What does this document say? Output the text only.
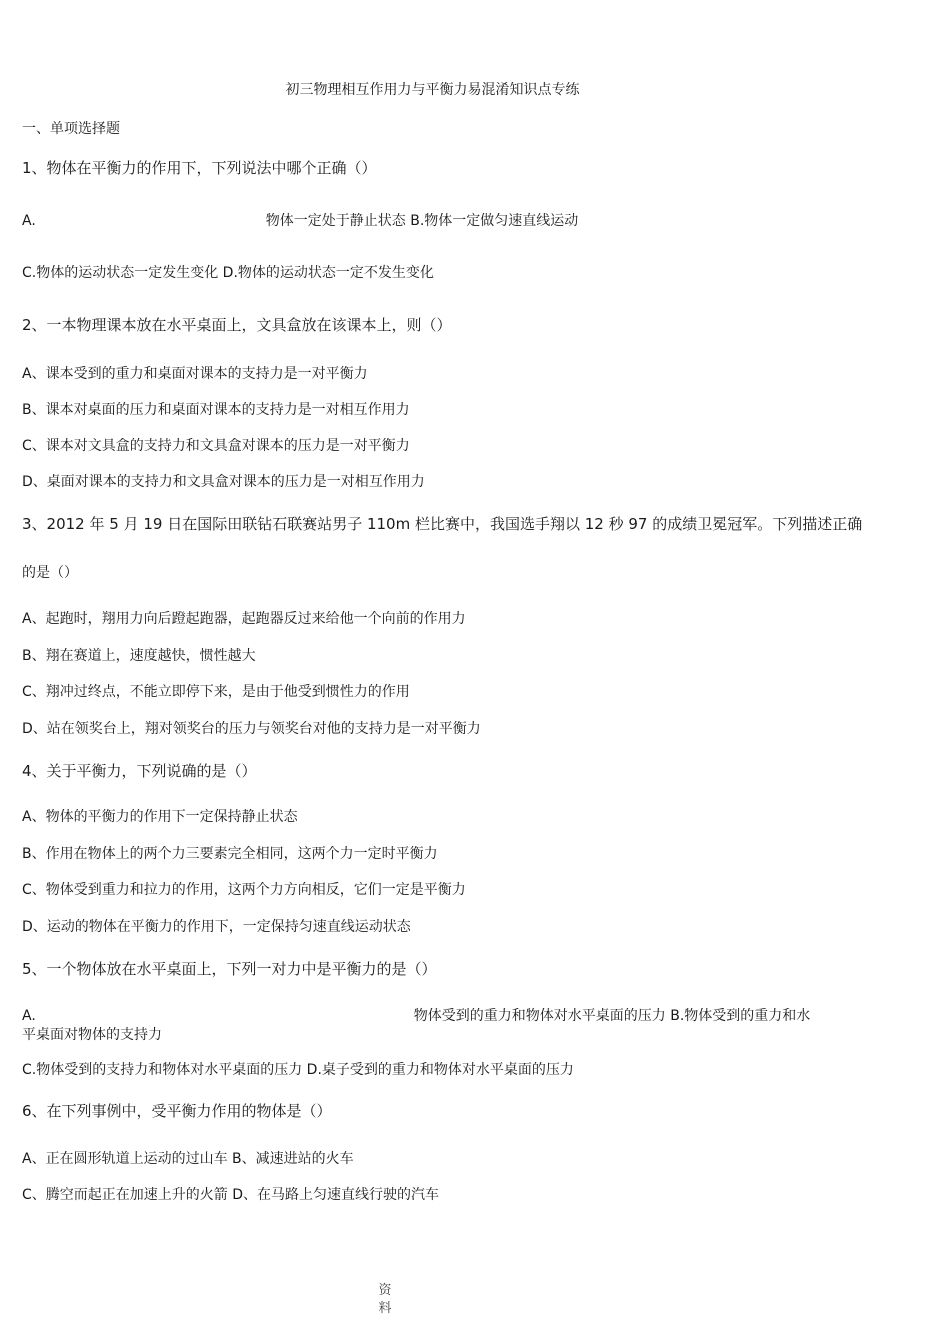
初三物理相互作用力与平衡力易混淆知识点专练
一、单项选择题
1、物体在平衡力的作用下，下列说法中哪个正确（）
A.	物体一定处于静止状态 B.物体一定做匀速直线运动
C.物体的运动状态一定发生变化 D.物体的运动状态一定不发生变化
2、一本物理课本放在水平桌面上，文具盒放在该课本上，则（）
A、课本受到的重力和桌面对课本的支持力是一对平衡力
B、课本对桌面的压力和桌面对课本的支持力是一对相互作用力
C、课本对文具盒的支持力和文具盒对课本的压力是一对平衡力
D、桌面对课本的支持力和文具盒对课本的压力是一对相互作用力
3、2012 年 5 月 19 日在国际田联钻石联赛站男子 110m 栏比赛中，我国选手翔以 12 秒 97 的成绩卫冕冠军。下列描述正确
的是（）
A、起跑时，翔用力向后蹬起跑器，起跑器反过来给他一个向前的作用力
B、翔在赛道上，速度越快，惯性越大
C、翔冲过终点，不能立即停下来，是由于他受到惯性力的作用
D、站在领奖台上，翔对领奖台的压力与领奖台对他的支持力是一对平衡力
4、关于平衡力，下列说确的是（）
A、物体的平衡力的作用下一定保持静止状态
B、作用在物体上的两个力三要素完全相同，这两个力一定时平衡力
C、物体受到重力和拉力的作用，这两个力方向相反，它们一定是平衡力
D、运动的物体在平衡力的作用下，一定保持匀速直线运动状态
5、一个物体放在水平桌面上，下列一对力中是平衡力的是（）
A.	物体受到的重力和物体对水平桌面的压力 B.物体受到的重力和水
平桌面对物体的支持力
C.物体受到的支持力和物体对水平桌面的压力 D.桌子受到的重力和物体对水平桌面的压力
6、在下列事例中，受平衡力作用的物体是（）
A、正在圆形轨道上运动的过山车 B、减速进站的火车
C、腾空而起正在加速上升的火箭 D、在马路上匀速直线行驶的汽车
资
料
